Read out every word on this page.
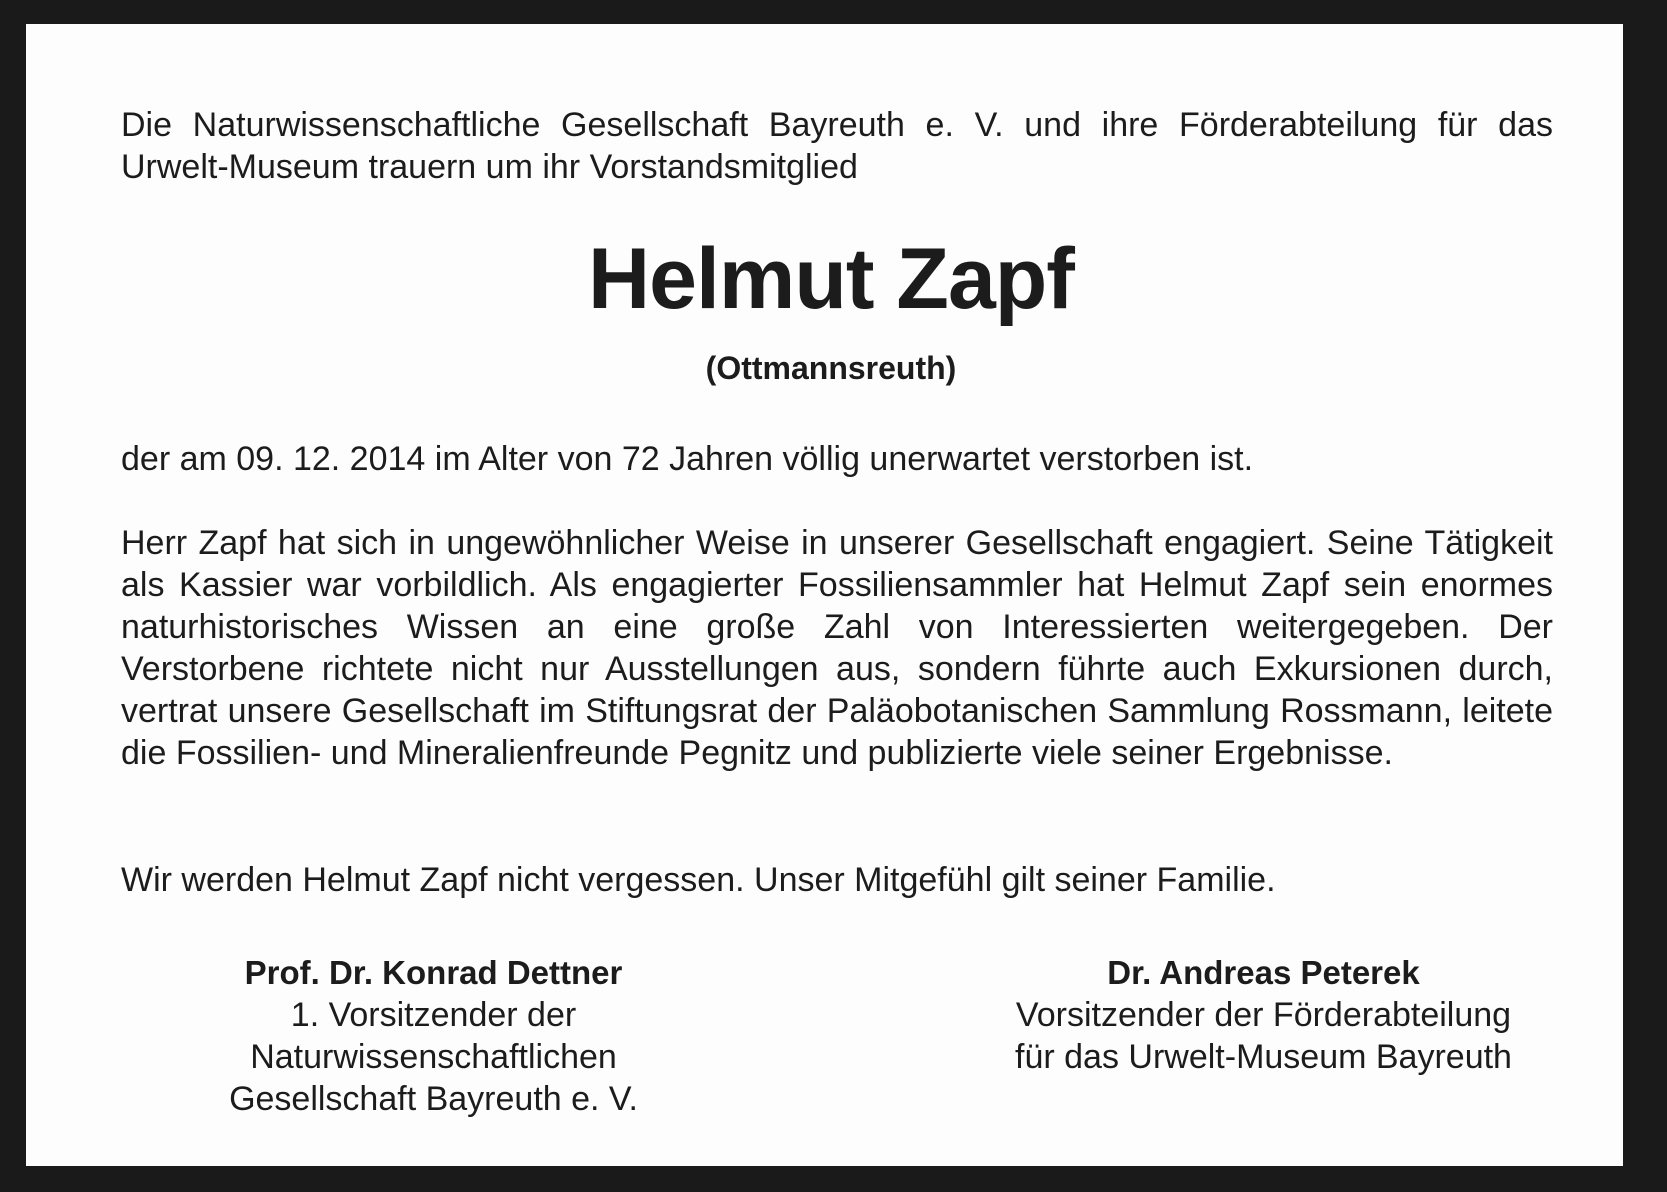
Die Naturwissenschaftliche Gesellschaft Bayreuth e. V. und ihre Förderabteilung für das Urwelt-Museum trauern um ihr Vorstandsmitglied

Helmut Zapf

(Ottmannsreuth)

der am 09. 12. 2014 im Alter von 72 Jahren völlig unerwartet verstorben ist.

Herr Zapf hat sich in ungewöhnlicher Weise in unserer Gesellschaft engagiert. Seine Tätigkeit als Kassier war vorbildlich. Als engagierter Fossiliensammler hat Helmut Zapf sein enormes naturhistorisches Wissen an eine große Zahl von Interessierten weitergegeben. Der Verstorbene richtete nicht nur Ausstellungen aus, sondern führte auch Exkursionen durch, vertrat unsere Gesellschaft im Stiftungsrat der Paläobotanischen Sammlung Rossmann, leitete die Fossilien- und Mineralienfreunde Pegnitz und publizierte viele seiner Ergebnisse.

Wir werden Helmut Zapf nicht vergessen. Unser Mitgefühl gilt seiner Familie.

Prof. Dr. Konrad Dettner
1. Vorsitzender der Naturwissenschaftlichen
Gesellschaft Bayreuth e. V.
Dr. Andreas Peterek
Vorsitzender der Förderabteilung
für das Urwelt-Museum Bayreuth
